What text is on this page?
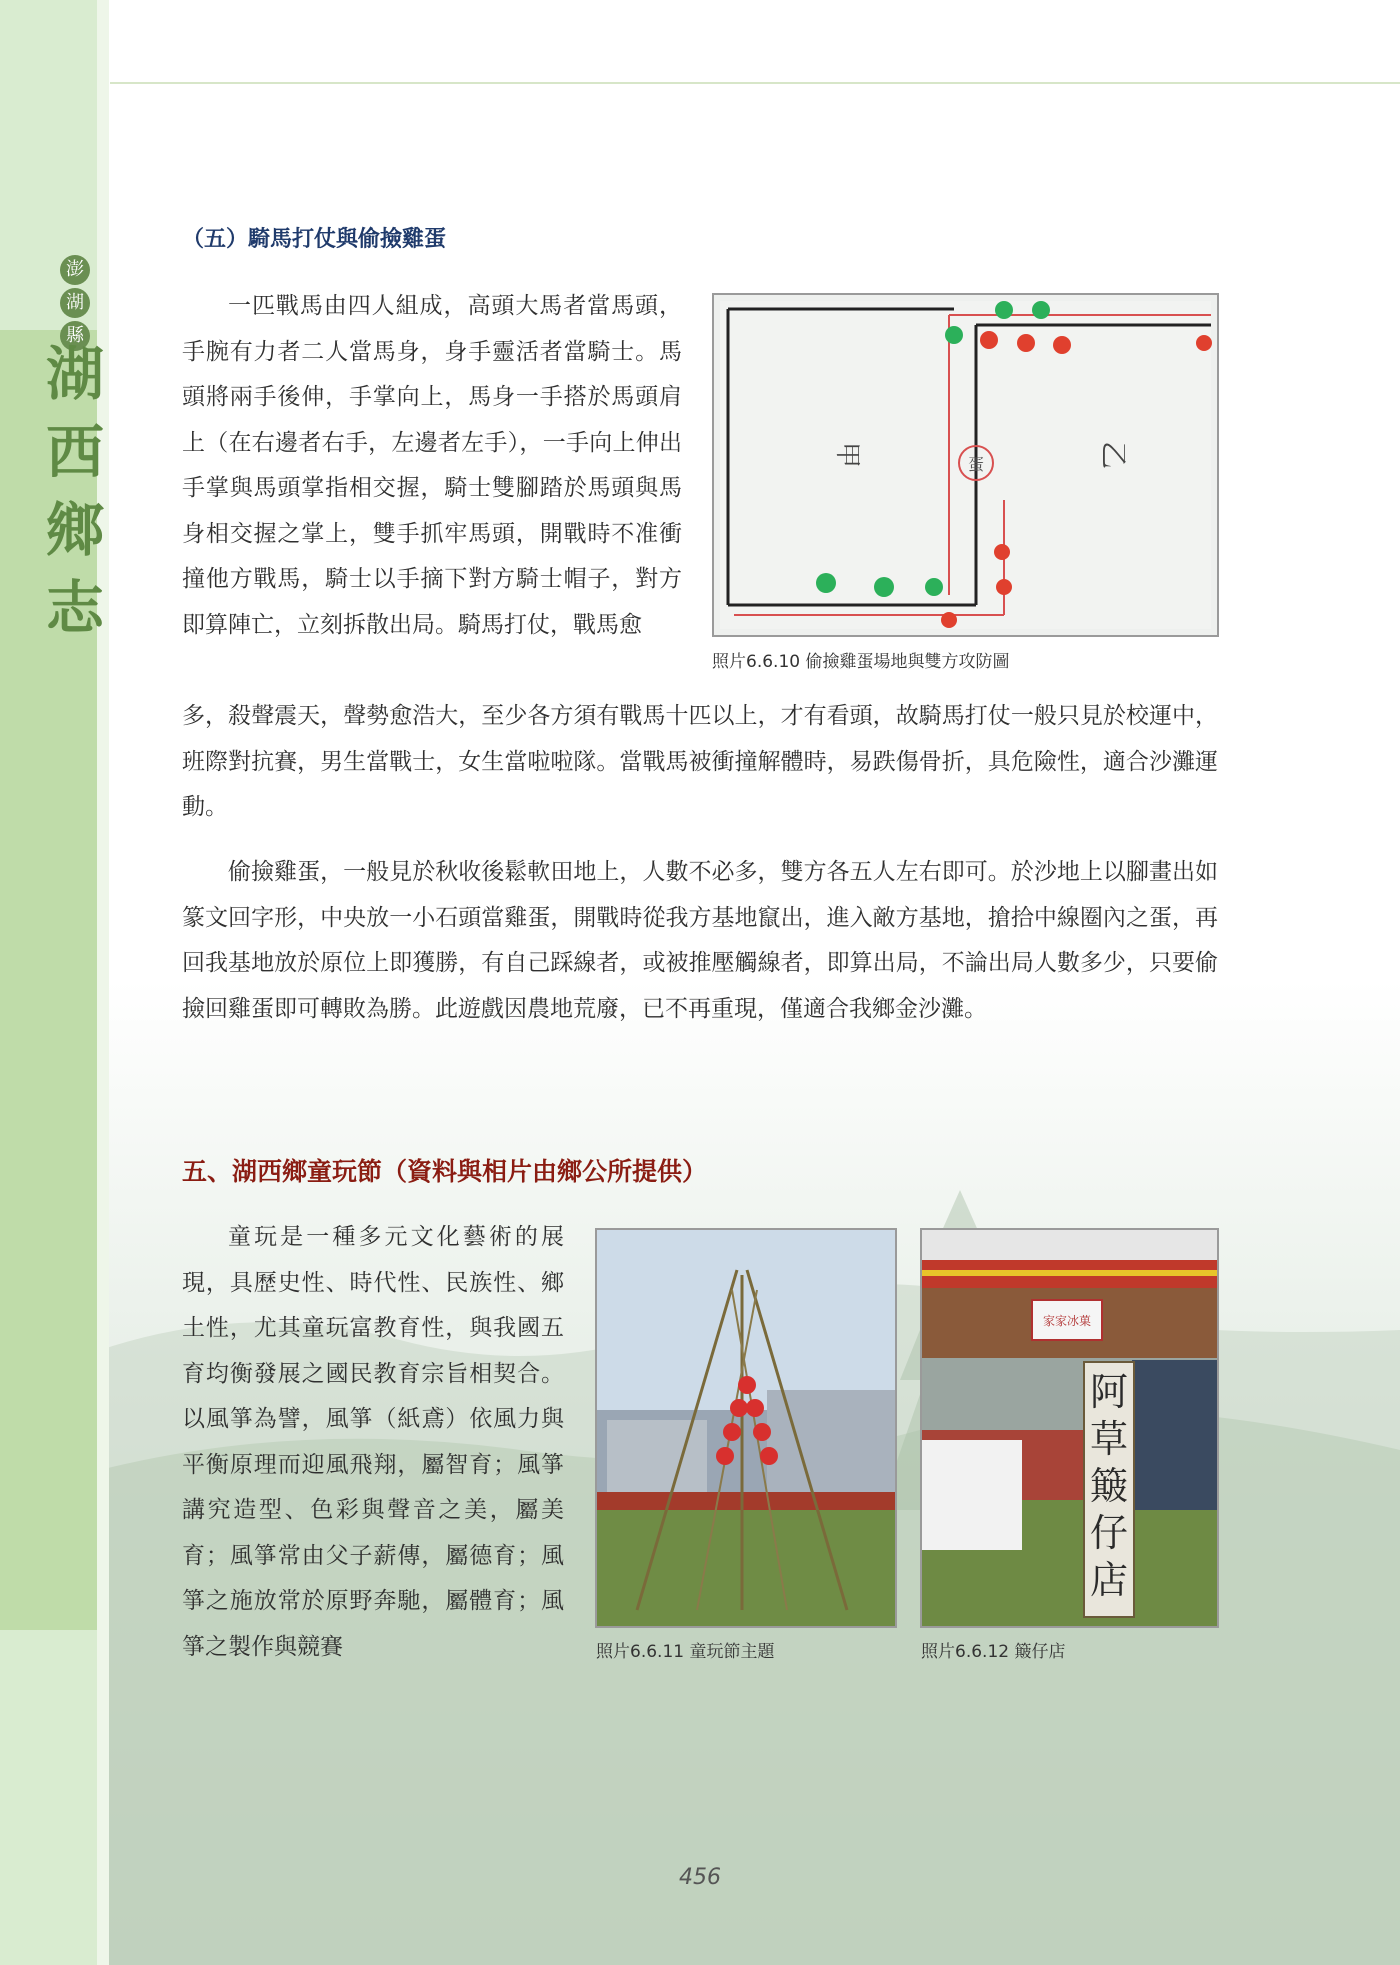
澎
湖
縣
湖
西
鄉
志
（五）騎馬打仗與偷撿雞蛋
一匹戰馬由四人組成，高頭大馬者當馬頭，手腕有力者二人當馬身，身手靈活者當騎士。馬頭將兩手後伸，手掌向上，馬身一手搭於馬頭肩上（在右邊者右手，左邊者左手），一手向上伸出手掌與馬頭掌指相交握，騎士雙腳踏於馬頭與馬身相交握之掌上，雙手抓牢馬頭，開戰時不准衝撞他方戰馬，騎士以手摘下對方騎士帽子，對方即算陣亡，立刻拆散出局。騎馬打仗，戰馬愈
多，殺聲震天，聲勢愈浩大，至少各方須有戰馬十匹以上，才有看頭，故騎馬打仗一般只見於校運中，班際對抗賽，男生當戰士，女生當啦啦隊。當戰馬被衝撞解體時，易跌傷骨折，具危險性，適合沙灘運動。
偷撿雞蛋，一般見於秋收後鬆軟田地上，人數不必多，雙方各五人左右即可。於沙地上以腳畫出如篆文回字形，中央放一小石頭當雞蛋，開戰時從我方基地竄出，進入敵方基地，搶拾中線圈內之蛋，再回我基地放於原位上即獲勝，有自己踩線者，或被推壓觸線者，即算出局，不論出局人數多少，只要偷撿回雞蛋即可轉敗為勝。此遊戲因農地荒廢，已不再重現，僅適合我鄉金沙灘。
蛋
甲	乙
照片6.6.10 偷撿雞蛋場地與雙方攻防圖
五、湖西鄉童玩節（資料與相片由鄉公所提供）
童玩是一種多元文化藝術的展現，具歷史性、時代性、民族性、鄉土性，尤其童玩富教育性，與我國五育均衡發展之國民教育宗旨相契合。以風箏為譬，風箏（紙鳶）依風力與平衡原理而迎風飛翔，屬智育；風箏講究造型、色彩與聲音之美，屬美育；風箏常由父子薪傳，屬德育；風箏之施放常於原野奔馳，屬體育；風箏之製作與競賽	照片6.6.11 童玩節主題
家家冰菓
阿
草
簸
仔
店
照片6.6.12 簸仔店
456
